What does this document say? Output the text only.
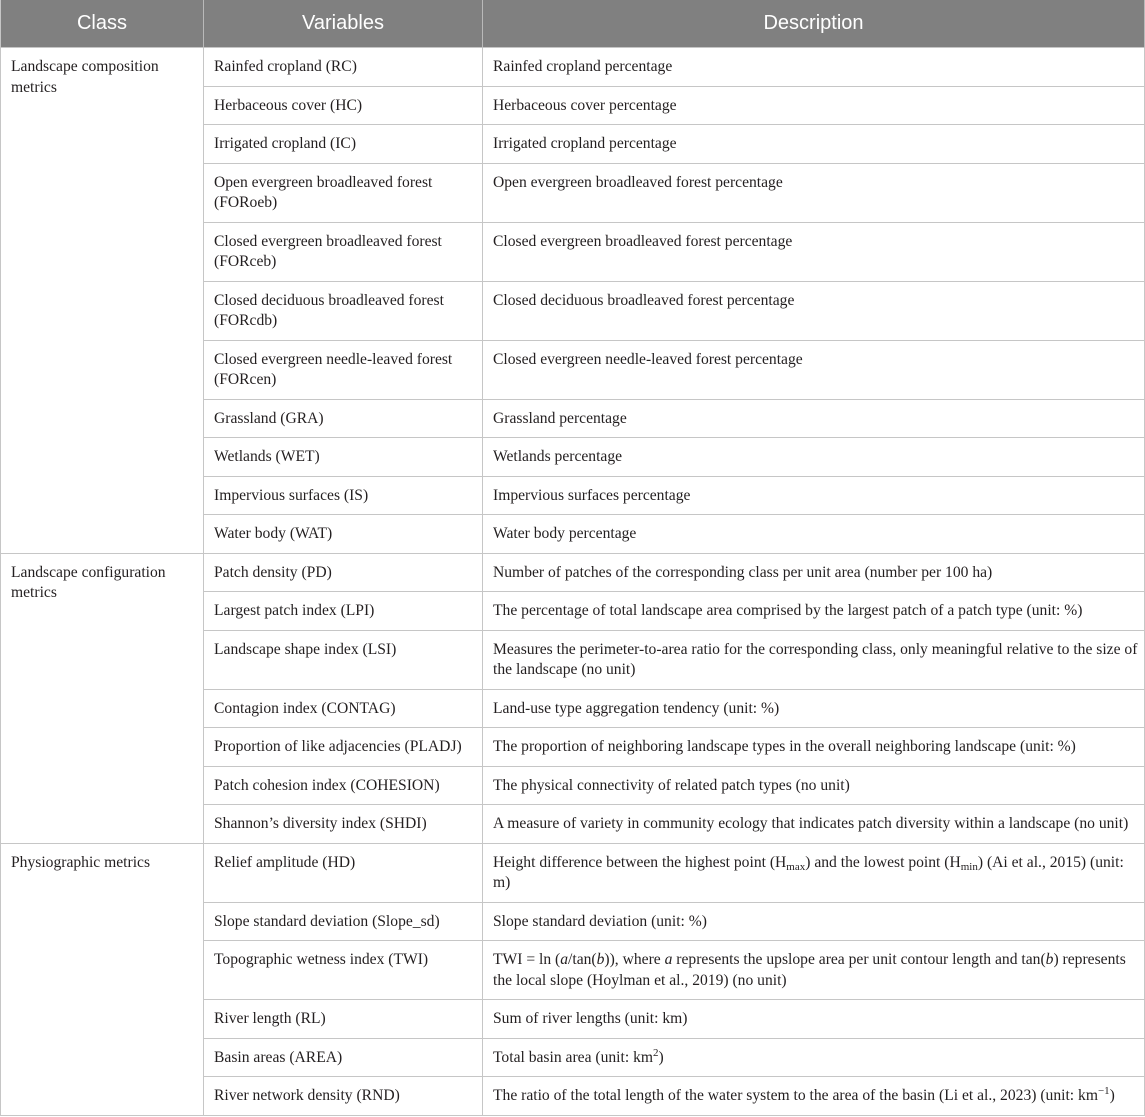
Class	Variables	Description
Landscape composition metrics	Rainfed cropland (RC)	Rainfed cropland percentage
	Herbaceous cover (HC)	Herbaceous cover percentage
	Irrigated cropland (IC)	Irrigated cropland percentage
	Open evergreen broadleaved forest (FORoeb)	Open evergreen broadleaved forest percentage
	Closed evergreen broadleaved forest (FORceb)	Closed evergreen broadleaved forest percentage
	Closed deciduous broadleaved forest (FORcdb)	Closed deciduous broadleaved forest percentage
	Closed evergreen needle-leaved forest (FORcen)	Closed evergreen needle-leaved forest percentage
	Grassland (GRA)	Grassland percentage
	Wetlands (WET)	Wetlands percentage
	Impervious surfaces (IS)	Impervious surfaces percentage
	Water body (WAT)	Water body percentage
Landscape configuration metrics	Patch density (PD)	Number of patches of the corresponding class per unit area (number per 100 ha)
	Largest patch index (LPI)	The percentage of total landscape area comprised by the largest patch of a patch type (unit: %)
	Landscape shape index (LSI)	Measures the perimeter-to-area ratio for the corresponding class, only meaningful relative to the size of the landscape (no unit)
	Contagion index (CONTAG)	Land-use type aggregation tendency (unit: %)
	Proportion of like adjacencies (PLADJ)	The proportion of neighboring landscape types in the overall neighboring landscape (unit: %)
	Patch cohesion index (COHESION)	The physical connectivity of related patch types (no unit)
	Shannon’s diversity index (SHDI)	A measure of variety in community ecology that indicates patch diversity within a landscape (no unit)
Physiographic metrics	Relief amplitude (HD)	Height difference between the highest point $(H_{max})$ and the lowest point $(H_{min})$ (Ai et al., 2015) (unit: m)
	Slope standard deviation (Slope_sd)	Slope standard deviation (unit: %)
	Topographic wetness index (TWI)	TWI = ln (a/tan(b)), where a represents the upslope area per unit contour length and tan(b) represents the local slope (Hoylman et al., 2019) (no unit)
	River length (RL)	Sum of river lengths (unit: km)
	Basin areas (AREA)	Total basin area (unit: $km^2$)
	River network density (RND)	The ratio of the total length of the water system to the area of the basin (Li et al., 2023) (unit: $km^{-1}$)
